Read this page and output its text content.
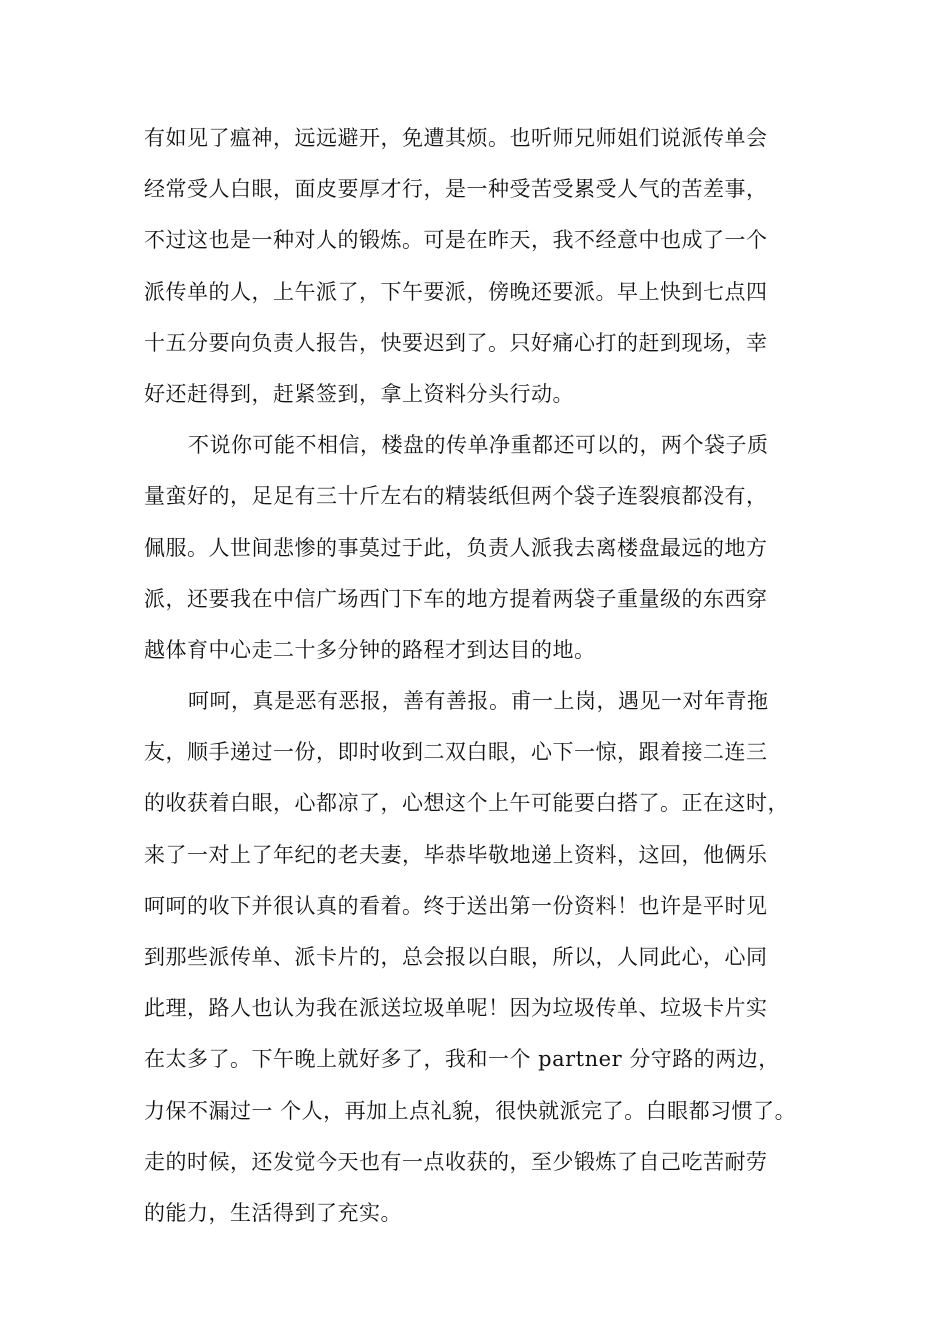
有如见了瘟神，远远避开，免遭其烦。也听师兄师姐们说派传单会
经常受人白眼，面皮要厚才行，是一种受苦受累受人气的苦差事，
不过这也是一种对人的锻炼。可是在昨天，我不经意中也成了一个
派传单的人，上午派了，下午要派，傍晚还要派。早上快到七点四
十五分要向负责人报告，快要迟到了。只好痛心打的赶到现场，幸
好还赶得到，赶紧签到，拿上资料分头行动。
不说你可能不相信，楼盘的传单净重都还可以的，两个袋子质
量蛮好的，足足有三十斤左右的精装纸但两个袋子连裂痕都没有，
佩服。人世间悲惨的事莫过于此，负责人派我去离楼盘最远的地方
派，还要我在中信广场西门下车的地方提着两袋子重量级的东西穿
越体育中心走二十多分钟的路程才到达目的地。
呵呵，真是恶有恶报，善有善报。甫一上岗，遇见一对年青拖
友，顺手递过一份，即时收到二双白眼，心下一惊，跟着接二连三
的收获着白眼，心都凉了，心想这个上午可能要白搭了。正在这时，
来了一对上了年纪的老夫妻，毕恭毕敬地递上资料，这回，他俩乐
呵呵的收下并很认真的看着。终于送出第一份资料！也许是平时见
到那些派传单、派卡片的，总会报以白眼，所以，人同此心，心同
此理，路人也认为我在派送垃圾单呢！因为垃圾传单、垃圾卡片实
在太多了。下午晚上就好多了，我和一个 partner 分守路的两边，
力保不漏过一 个人，再加上点礼貌，很快就派完了。白眼都习惯了。
走的时候，还发觉今天也有一点收获的，至少锻炼了自己吃苦耐劳
的能力，生活得到了充实。
